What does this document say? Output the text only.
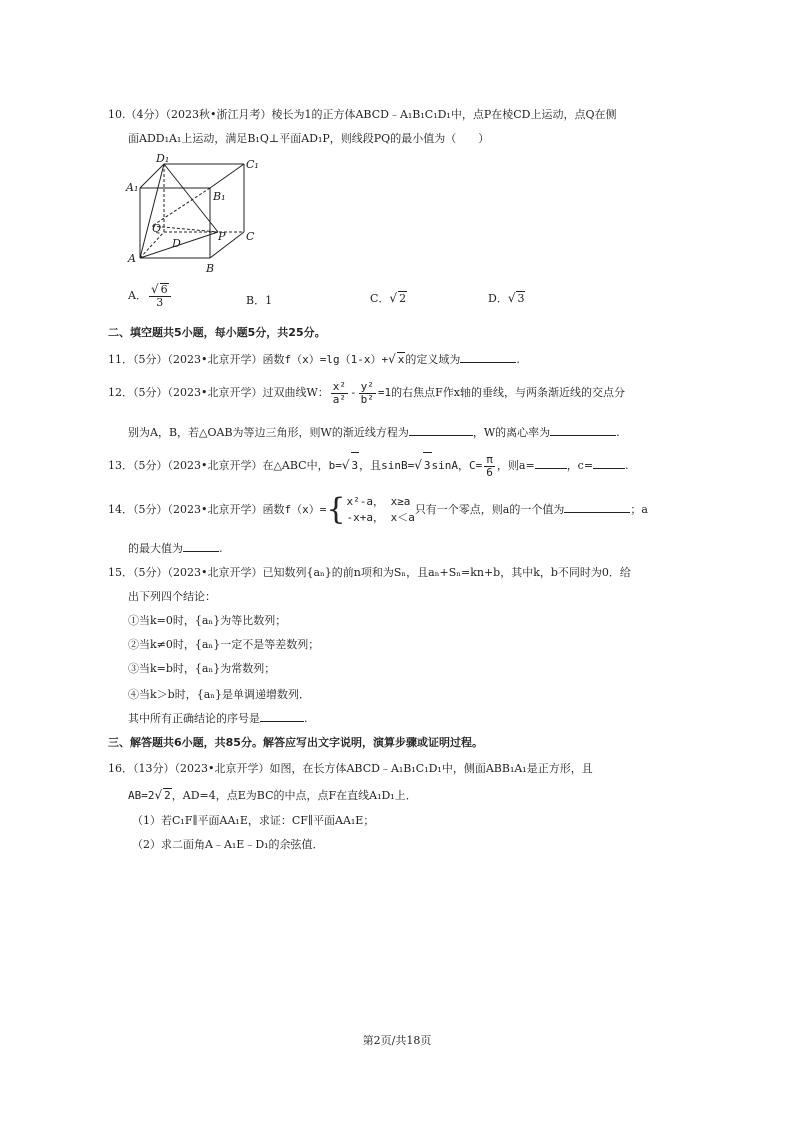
10.（4分）（2023秋•浙江月考）棱长为1的正方体ABCD﹣A₁B₁C₁D₁中，点P在棱CD上运动，点Q在侧
面ADD₁A₁上运动，满足B₁Q⊥平面AD₁P，则线段PQ的最小值为（　　）
D₁	C₁
A₁
B₁
Q
D
P C
A
B
A． $\frac{√ 6}{3}$	B．1	C．√ 2	D．√ 3
二、填空题共5小题，每小题5分，共25分。
11．（5分）（2023•北京开学）函数f（x）=lg（1-x）+√ x的定义域为	.
12．（5分）（2023•北京开学）过双曲线W： $\frac{\text{x²}}{\text{a²}} - \frac{\text{y²}}{\text{b²}} =1$的右焦点F作x轴的垂线，与两条渐近线的交点分
别为A，B，若△OAB为等边三角形，则W的渐近线方程为	，W的离心率为	.
13．（5分）（2023•北京开学）在△ABC中，b=√ 3，且sinB=√ 3sinA，$C= \frac{\pi}{6}$ ，则a=	，c=	.
14．（5分）（2023•北京开学）函数f（x）={ x²-a， x≥a
-x+a， x＜a
只有一个零点，则a的一个值为	；a
的最大值为	.
15．（5分）（2023•北京开学）已知数列{aₙ}的前n项和为Sₙ，且aₙ+Sₙ=kn+b，其中k，b不同时为0．给
出下列四个结论：
①当k=0时，{aₙ}为等比数列；
②当k≠0时，{aₙ}一定不是等差数列；
③当k=b时，{aₙ}为常数列；
④当k＞b时，{aₙ}是单调递增数列．
其中所有正确结论的序号是	.
三、解答题共6小题，共85分。解答应写出文字说明，演算步骤或证明过程。
16．（13分）（2023•北京开学）如图，在长方体ABCD﹣A₁B₁C₁D₁中，侧面ABB₁A₁是正方形，且
AB=2√ 2，AD=4，点E为BC的中点，点F在直线A₁D₁上．
（1）若C₁F∥平面AA₁E，求证：CF∥平面AA₁E；
（2）求二面角A﹣A₁E﹣D₁的余弦值．
第2页/共18页
